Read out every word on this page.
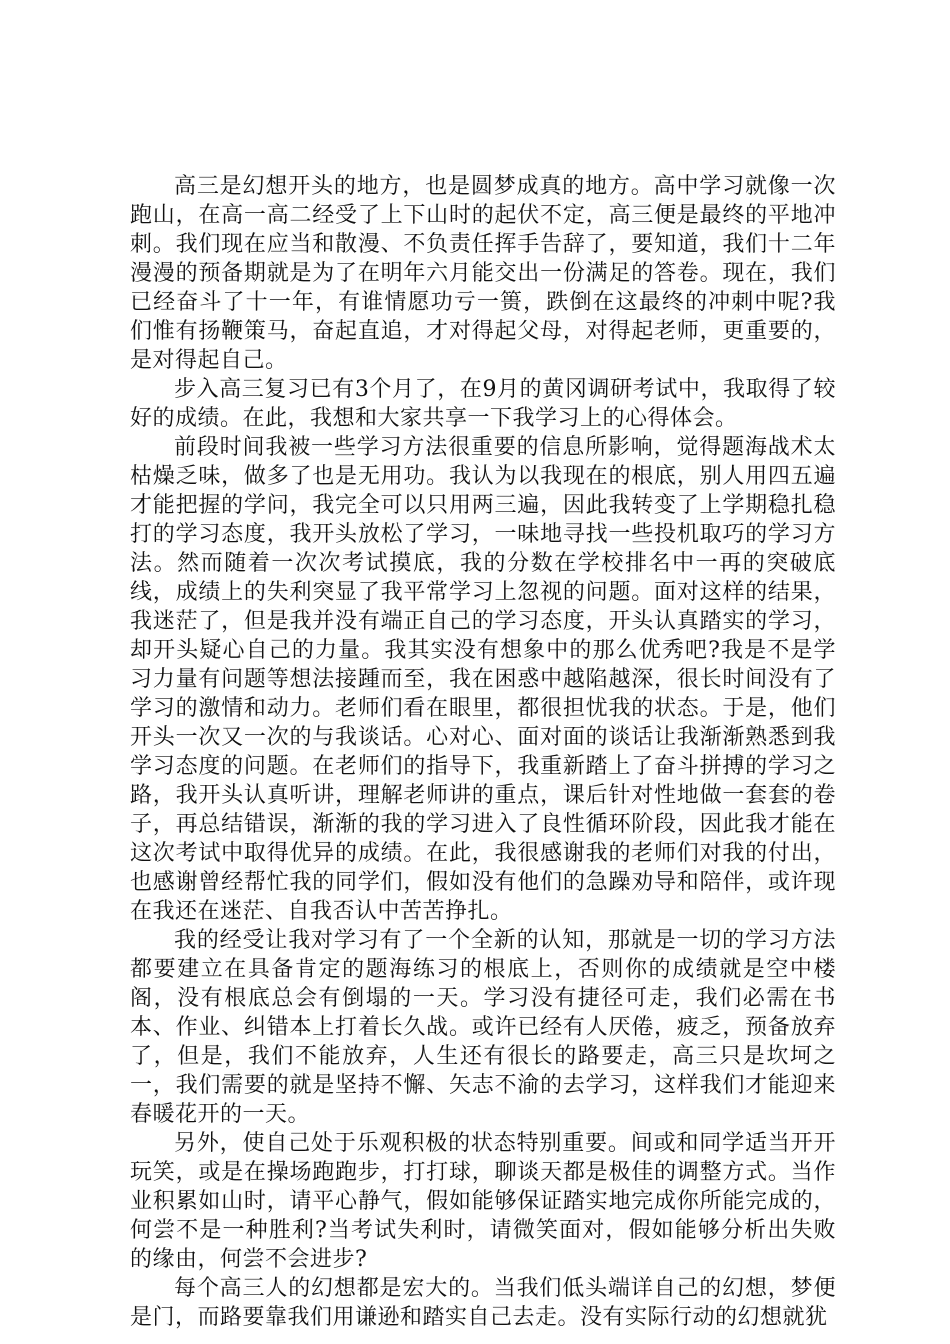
高三是幻想开头的地方，也是圆梦成真的地方。高中学习就像一次跑山，在高一高二经受了上下山时的起伏不定，高三便是最终的平地冲刺。我们现在应当和散漫、不负责任挥手告辞了，要知道，我们十二年漫漫的预备期就是为了在明年六月能交出一份满足的答卷。现在，我们已经奋斗了十一年，有谁情愿功亏一篑，跌倒在这最终的冲刺中呢?我们惟有扬鞭策马，奋起直追，才对得起父母，对得起老师，更重要的，是对得起自己。

步入高三复习已有3个月了，在9月的黄冈调研考试中，我取得了较好的成绩。在此，我想和大家共享一下我学习上的心得体会。

前段时间我被一些学习方法很重要的信息所影响，觉得题海战术太枯燥乏味，做多了也是无用功。我认为以我现在的根底，别人用四五遍才能把握的学问，我完全可以只用两三遍，因此我转变了上学期稳扎稳打的学习态度，我开头放松了学习，一味地寻找一些投机取巧的学习方法。然而随着一次次考试摸底，我的分数在学校排名中一再的突破底线，成绩上的失利突显了我平常学习上忽视的问题。面对这样的结果，我迷茫了，但是我并没有端正自己的学习态度，开头认真踏实的学习，却开头疑心自己的力量。我其实没有想象中的那么优秀吧?我是不是学习力量有问题等想法接踵而至，我在困惑中越陷越深，很长时间没有了学习的激情和动力。老师们看在眼里，都很担忧我的状态。于是，他们开头一次又一次的与我谈话。心对心、面对面的谈话让我渐渐熟悉到我学习态度的问题。在老师们的指导下，我重新踏上了奋斗拼搏的学习之路，我开头认真听讲，理解老师讲的重点，课后针对性地做一套套的卷子，再总结错误，渐渐的我的学习进入了良性循环阶段，因此我才能在这次考试中取得优异的成绩。在此，我很感谢我的老师们对我的付出，也感谢曾经帮忙我的同学们，假如没有他们的急躁劝导和陪伴，或许现在我还在迷茫、自我否认中苦苦挣扎。

我的经受让我对学习有了一个全新的认知，那就是一切的学习方法都要建立在具备肯定的题海练习的根底上，否则你的成绩就是空中楼阁，没有根底总会有倒塌的一天。学习没有捷径可走，我们必需在书本、作业、纠错本上打着长久战。或许已经有人厌倦，疲乏，预备放弃了，但是，我们不能放弃，人生还有很长的路要走，高三只是坎坷之一，我们需要的就是坚持不懈、矢志不渝的去学习，这样我们才能迎来春暖花开的一天。

另外，使自己处于乐观积极的状态特别重要。间或和同学适当开开玩笑，或是在操场跑跑步，打打球，聊谈天都是极佳的调整方式。当作业积累如山时，请平心静气，假如能够保证踏实地完成你所能完成的，何尝不是一种胜利?当考试失利时，请微笑面对，假如能够分析出失败的缘由，何尝不会进步?

每个高三人的幻想都是宏大的。当我们低头端详自己的幻想，梦便是门，而路要靠我们用谦逊和踏实自己去走。没有实际行动的幻想就犹
